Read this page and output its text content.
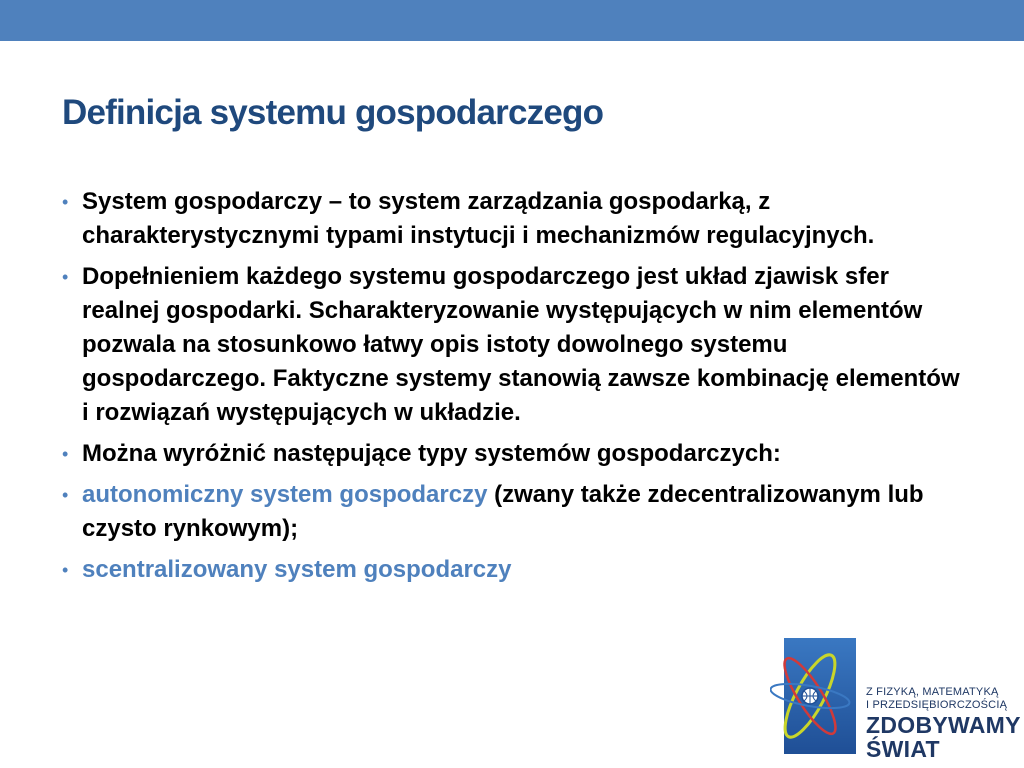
Definicja systemu gospodarczego
• System gospodarczy – to system zarządzania gospodarką, z charakterystycznymi typami instytucji i mechanizmów regulacyjnych.
• Dopełnieniem każdego systemu gospodarczego jest układ zjawisk sfer realnej gospodarki. Scharakteryzowanie występujących w nim elementów pozwala na stosunkowo łatwy opis istoty dowolnego systemu gospodarczego. Faktyczne systemy stanowią zawsze kombinację elementów i rozwiązań występujących w układzie.
• Można wyróżnić następujące typy systemów gospodarczych:
• autonomiczny system gospodarczy (zwany także zdecentralizowanym lub czysto rynkowym);
• scentralizowany system gospodarczy
Z FIZYKĄ, MATEMATYKĄ
I PRZEDSIĘBIORCZOŚCIĄ
ZDOBYWAMY
ŚWIAT
